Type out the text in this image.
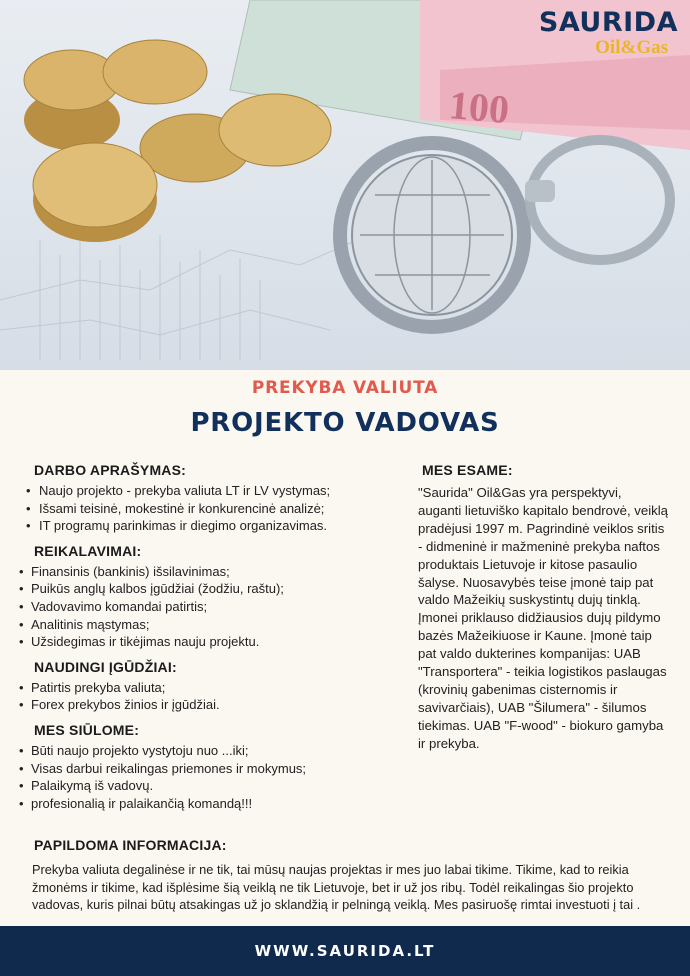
100
SAURIDA
Oil&Gas
PREKYBA VALIUTA
PROJEKTO VADOVAS
DARBO APRAŠYMAS:
• Naujo projekto - prekyba valiuta LT ir LV vystymas;
• Išsami teisinė, mokestinė ir konkurencinė analizė;
• IT programų parinkimas ir diegimo organizavimas.
REIKALAVIMAI:
• Finansinis (bankinis) išsilavinimas;
• Puikūs anglų kalbos įgūdžiai (žodžiu, raštu);
• Vadovavimo komandai patirtis;
• Analitinis mąstymas;
• Užsidegimas ir tikėjimas nauju projektu.
NAUDINGI ĮGŪDŽIAI:
• Patirtis prekyba valiuta;
• Forex prekybos žinios ir įgūdžiai.
MES SIŪLOME:
• Būti naujo projekto vystytoju nuo ...iki;
• Visas darbui reikalingas priemones ir mokymus;
• Palaikymą iš vadovų.
• profesionalią ir palaikančią komandą!!!
MES ESAME:
"Saurida" Oil&Gas yra perspektyvi, auganti lietuviško kapitalo bendrovė, veiklą pradėjusi 1997 m. Pagrindinė veiklos sritis - didmeninė ir mažmeninė prekyba naftos produktais Lietuvoje ir kitose pasaulio šalyse. Nuosavybės teise įmonė taip pat valdo Mažeikių suskystintų dujų tinklą. Įmonei priklauso didžiausios dujų pildymo bazės Mažeikiuose ir Kaune. Įmonė taip pat valdo dukterines kompanijas: UAB "Transportera" - teikia logistikos paslaugas (krovinių gabenimas cisternomis ir savivarčiais), UAB "Šilumera" - šilumos tiekimas. UAB "F-wood" - biokuro gamyba ir prekyba.
PAPILDOMA INFORMACIJA:
Prekyba valiuta degalinėse ir ne tik, tai mūsų naujas projektas ir mes juo labai tikime. Tikime, kad to reikia žmonėms ir tikime, kad išplėsime šią veiklą ne tik Lietuvoje, bet ir už jos ribų. Todėl reikalingas šio projekto vadovas, kuris pilnai būtų atsakingas už jo sklandžią ir pelningą veiklą. Mes pasiruošę rimtai investuoti į tai .
WWW.SAURIDA.LT
